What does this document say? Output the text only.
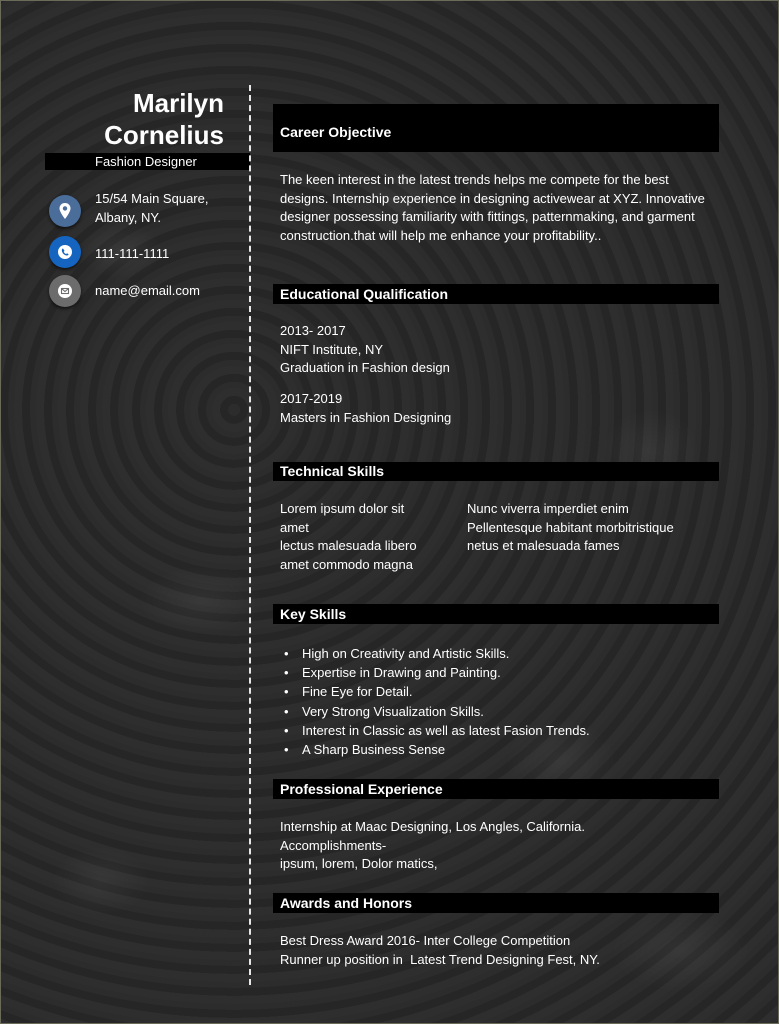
Marilyn
Cornelius
Fashion Designer
15/54 Main Square,
Albany, NY.
111-111-1111
name@email.com
Career Objective
The keen interest in the latest trends helps me compete for the best designs. Internship experience in designing activewear at XYZ. Innovative designer possessing familiarity with fittings, patternmaking, and garment construction.that will help me enhance your profitability..
Educational Qualification
2013- 2017
NIFT Institute, NY
Graduation in Fashion design
2017-2019
Masters in Fashion Designing
Technical Skills
Lorem ipsum dolor sit
amet
lectus malesuada libero
amet commodo magna
Nunc viverra imperdiet enim
Pellentesque habitant morbitristique
netus et malesuada fames
Key Skills
• High on Creativity and Artistic Skills.
• Expertise in Drawing and Painting.
• Fine Eye for Detail.
• Very Strong Visualization Skills.
• Interest in Classic as well as latest Fasion Trends.
• A Sharp Business Sense
Professional Experience
Internship at Maac Designing, Los Angles, California.
Accomplishments-
ipsum, lorem, Dolor matics,
Awards and Honors
Best Dress Award 2016- Inter College Competition
Runner up position in  Latest Trend Designing Fest, NY.
